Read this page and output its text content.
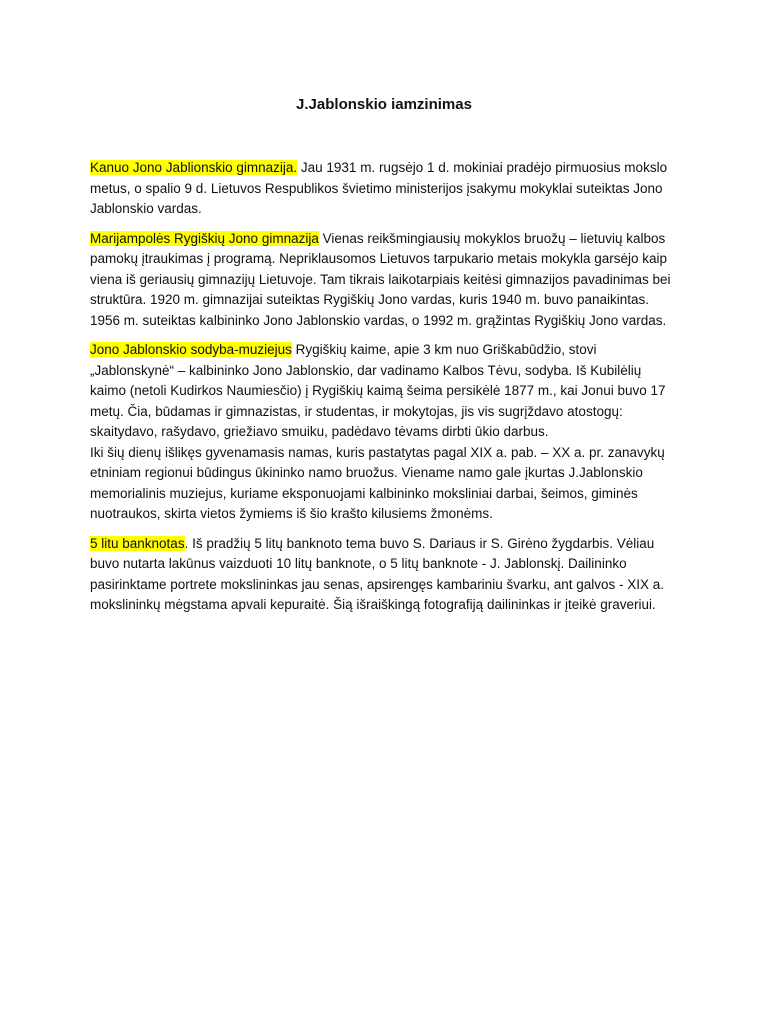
J.Jablonskio iamzinimas

Kanuo Jono Jablionskio gimnazija. Jau 1931 m. rugsėjo 1 d. mokiniai pradėjo pirmuosius mokslo metus, o spalio 9 d. Lietuvos Respublikos švietimo ministerijos įsakymu mokyklai suteiktas Jono Jablonskio vardas.

Marijampolės Rygiškių Jono gimnazija Vienas reikšmingiausių mokyklos bruožų – lietuvių kalbos pamokų įtraukimas į programą. Nepriklausomos Lietuvos tarpukario metais mokykla garsėjo kaip viena iš geriausių gimnazijų Lietuvoje. Tam tikrais laikotarpiais keitėsi gimnazijos pavadinimas bei struktūra. 1920 m. gimnazijai suteiktas Rygiškių Jono vardas, kuris 1940 m. buvo panaikintas. 1956 m. suteiktas kalbininko Jono Jablonskio vardas, o 1992 m. grąžintas Rygiškių Jono vardas.

Jono Jablonskio sodyba-muziejus Rygiškių kaime, apie 3 km nuo Griškabūdžio, stovi „Jablonskynė“ – kalbininko Jono Jablonskio, dar vadinamo Kalbos Tėvu, sodyba. Iš Kubilėlių kaimo (netoli Kudirkos Naumiesčio) į Rygiškių kaimą šeima persikėlė 1877 m., kai Jonui buvo 17 metų. Čia, būdamas ir gimnazistas, ir studentas, ir mokytojas, jis vis sugrįždavo atostogų: skaitydavo, rašydavo, griežiavo smuiku, padėdavo tėvams dirbti ūkio darbus.
Iki šių dienų išlikęs gyvenamasis namas, kuris pastatytas pagal XIX a. pab. – XX a. pr. zanavykų etniniam regionui būdingus ūkininko namo bruožus. Viename namo gale įkurtas J.Jablonskio memorialinis muziejus, kuriame eksponuojami kalbininko moksliniai darbai, šeimos, giminės nuotraukos, skirta vietos žymiems iš šio krašto kilusiems žmonėms.

5 litu banknotas. Iš pradžių 5 litų banknoto tema buvo S. Dariaus ir S. Girėno žygdarbis. Vėliau buvo nutarta lakūnus vaizduoti 10 litų banknote, o 5 litų banknote - J. Jablonskį. Dailininko pasirinktame portrete mokslininkas jau senas, apsirengęs kambariniu švarku, ant galvos - XIX a. mokslininkų mėgstama apvali kepuraitė. Šią išraiškingą fotografiją dailininkas ir įteikė graveriui.
